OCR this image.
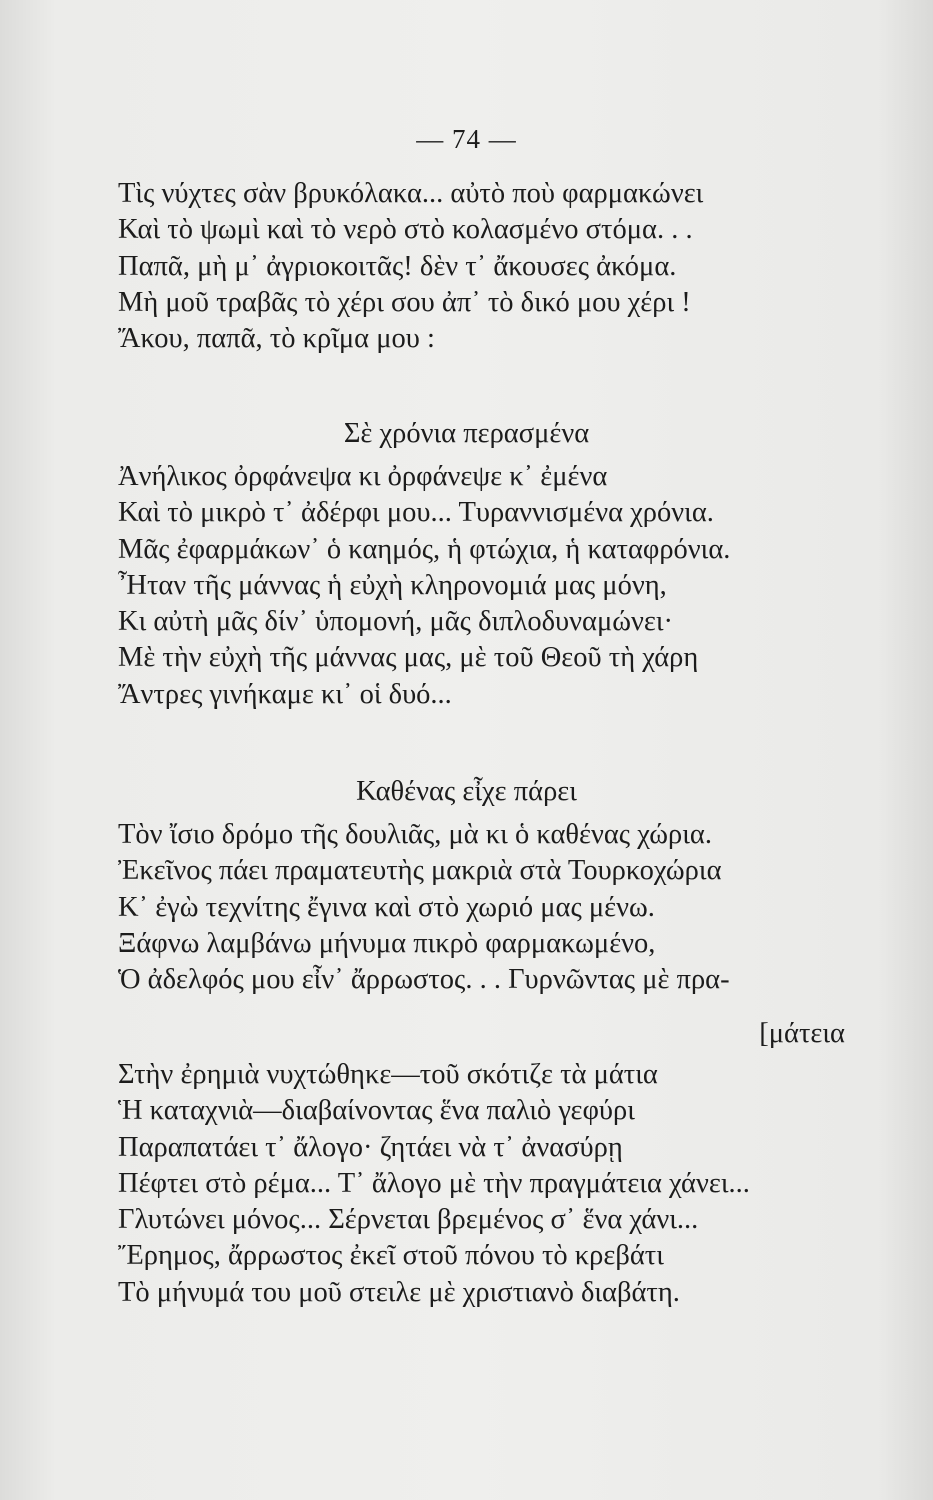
— 74 —
Τὶς νύχτες σὰν βρυκόλακα... αὐτὸ ποὺ φαρμακώνει
Καὶ τὸ ψωμὶ καὶ τὸ νερὸ στὸ κολασμένο στόμα. . .
Παπᾶ, μὴ μ᾿ ἀγριοκοιτᾶς! δὲν τ᾿ ἄκουσες ἀκόμα.
Μὴ μοῦ τραβᾶς τὸ χέρι σου ἀπ᾿ τὸ δικό μου χέρι !
Ἄκου, παπᾶ, τὸ κρῖμα μου :
Σὲ χρόνια περασμένα
Ἀνήλικος ὀρφάνεψα κι ὀρφάνεψε κ᾿ ἐμένα
Καὶ τὸ μικρὸ τ᾿ ἀδέρφι μου... Τυραννισμένα χρόνια.
Μᾶς ἐφαρμάκων᾿ ὁ καημός, ἡ φτώχια, ἡ καταφρόνια.
Ἦταν τῆς μάννας ἡ εὐχὴ κληρονομιά μας μόνη,
Κι αὐτὴ μᾶς δίν᾿ ὑπομονή, μᾶς διπλοδυναμώνει·
Μὲ τὴν εὐχὴ τῆς μάννας μας, μὲ τοῦ Θεοῦ τὴ χάρη
Ἄντρες γινήκαμε κι᾿ οἱ δυό...
Καθένας εἶχε πάρει
Τὸν ἴσιο δρόμο τῆς δουλιᾶς, μὰ κι ὁ καθένας χώρια.
Ἐκεῖνος πάει πραματευτὴς μακριὰ στὰ Τουρκοχώρια
Κ᾿ ἐγὼ τεχνίτης ἔγινα καὶ στὸ χωριό μας μένω.
Ξάφνω λαμβάνω μήνυμα πικρὸ φαρμακωμένο,
Ὁ ἀδελφός μου εἶν᾿ ἄρρωστος. . . Γυρνῶντας μὲ πρα-
[μάτεια
Στὴν ἐρημιὰ νυχτώθηκε—τοῦ σκότιζε τὰ μάτια
Ἡ καταχνιὰ—διαβαίνοντας ἕνα παλιὸ γεφύρι
Παραπατάει τ᾿ ἄλογο· ζητάει νὰ τ᾿ ἀνασύρῃ
Πέφτει στὸ ρέμα... Τ᾿ ἄλογο μὲ τὴν πραγμάτεια χάνει...
Γλυτώνει μόνος... Σέρνεται βρεμένος σ᾿ ἕνα χάνι...
Ἔρημος, ἄρρωστος ἐκεῖ στοῦ πόνου τὸ κρεβάτι
Τὸ μήνυμά του μοῦ στειλε μὲ χριστιανὸ διαβάτη.
